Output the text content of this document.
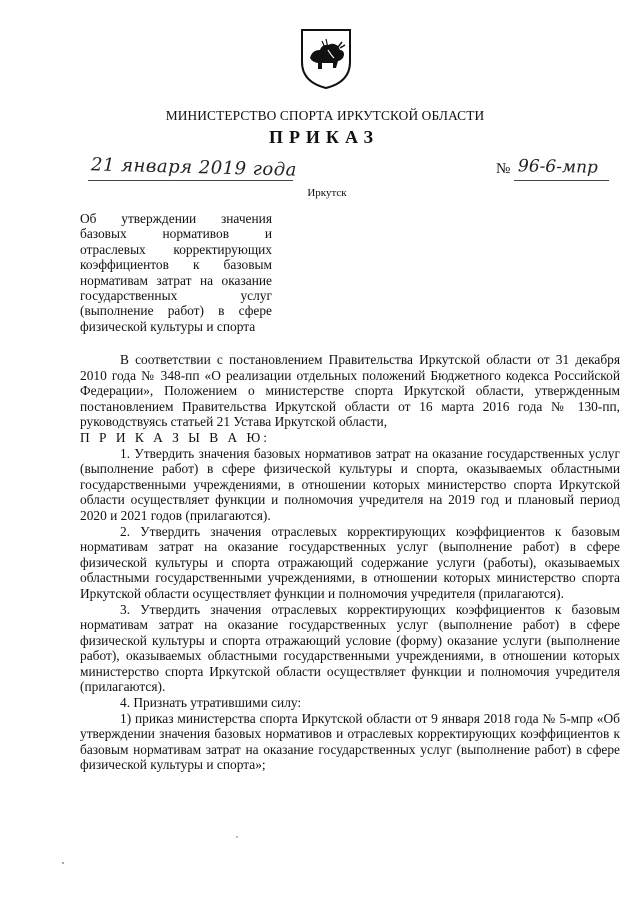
МИНИСТЕРСТВО СПОРТА ИРКУТСКОЙ ОБЛАСТИ
ПРИКАЗ
21 января 2019 года	№ 96-6-мпр
Иркутск
Об утверждении значения базовых нормативов и отраслевых корректирующих коэффициентов к базовым нормативам затрат на оказание государственных услуг (выполнение работ) в сфере физической культуры и спорта

В соответствии с постановлением Правительства Иркутской области от 31 декабря 2010 года № 348-пп «О реализации отдельных положений Бюджетного кодекса Российской Федерации», Положением о министерстве спорта Иркутской области, утвержденным постановлением Правительства Иркутской области от 16 марта 2016 года № 130-пп, руководствуясь статьей 21 Устава Иркутской области,

П Р И К А З Ы В А Ю:

1. Утвердить значения базовых нормативов затрат на оказание государственных услуг (выполнение работ) в сфере физической культуры и спорта, оказываемых областными государственными учреждениями, в отношении которых министерство спорта Иркутской области осуществляет функции и полномочия учредителя на 2019 год и плановый период 2020 и 2021 годов (прилагаются).

2. Утвердить значения отраслевых корректирующих коэффициентов к базовым нормативам затрат на оказание государственных услуг (выполнение работ) в сфере физической культуры и спорта отражающий содержание услуги (работы), оказываемых областными государственными учреждениями, в отношении которых министерство спорта Иркутской области осуществляет функции и полномочия учредителя (прилагаются).

3. Утвердить значения отраслевых корректирующих коэффициентов к базовым нормативам затрат на оказание государственных услуг (выполнение работ) в сфере физической культуры и спорта отражающий условие (форму) оказание услуги (выполнение работ), оказываемых областными государственными учреждениями, в отношении которых министерство спорта Иркутской области осуществляет функции и полномочия учредителя (прилагаются).

4. Признать утратившими силу:

1) приказ министерства спорта Иркутской области от 9 января 2018 года № 5-мпр «Об утверждении значения базовых нормативов и отраслевых корректирующих коэффициентов к базовым нормативам затрат на оказание государственных услуг (выполнение работ) в сфере физической культуры и спорта»;
